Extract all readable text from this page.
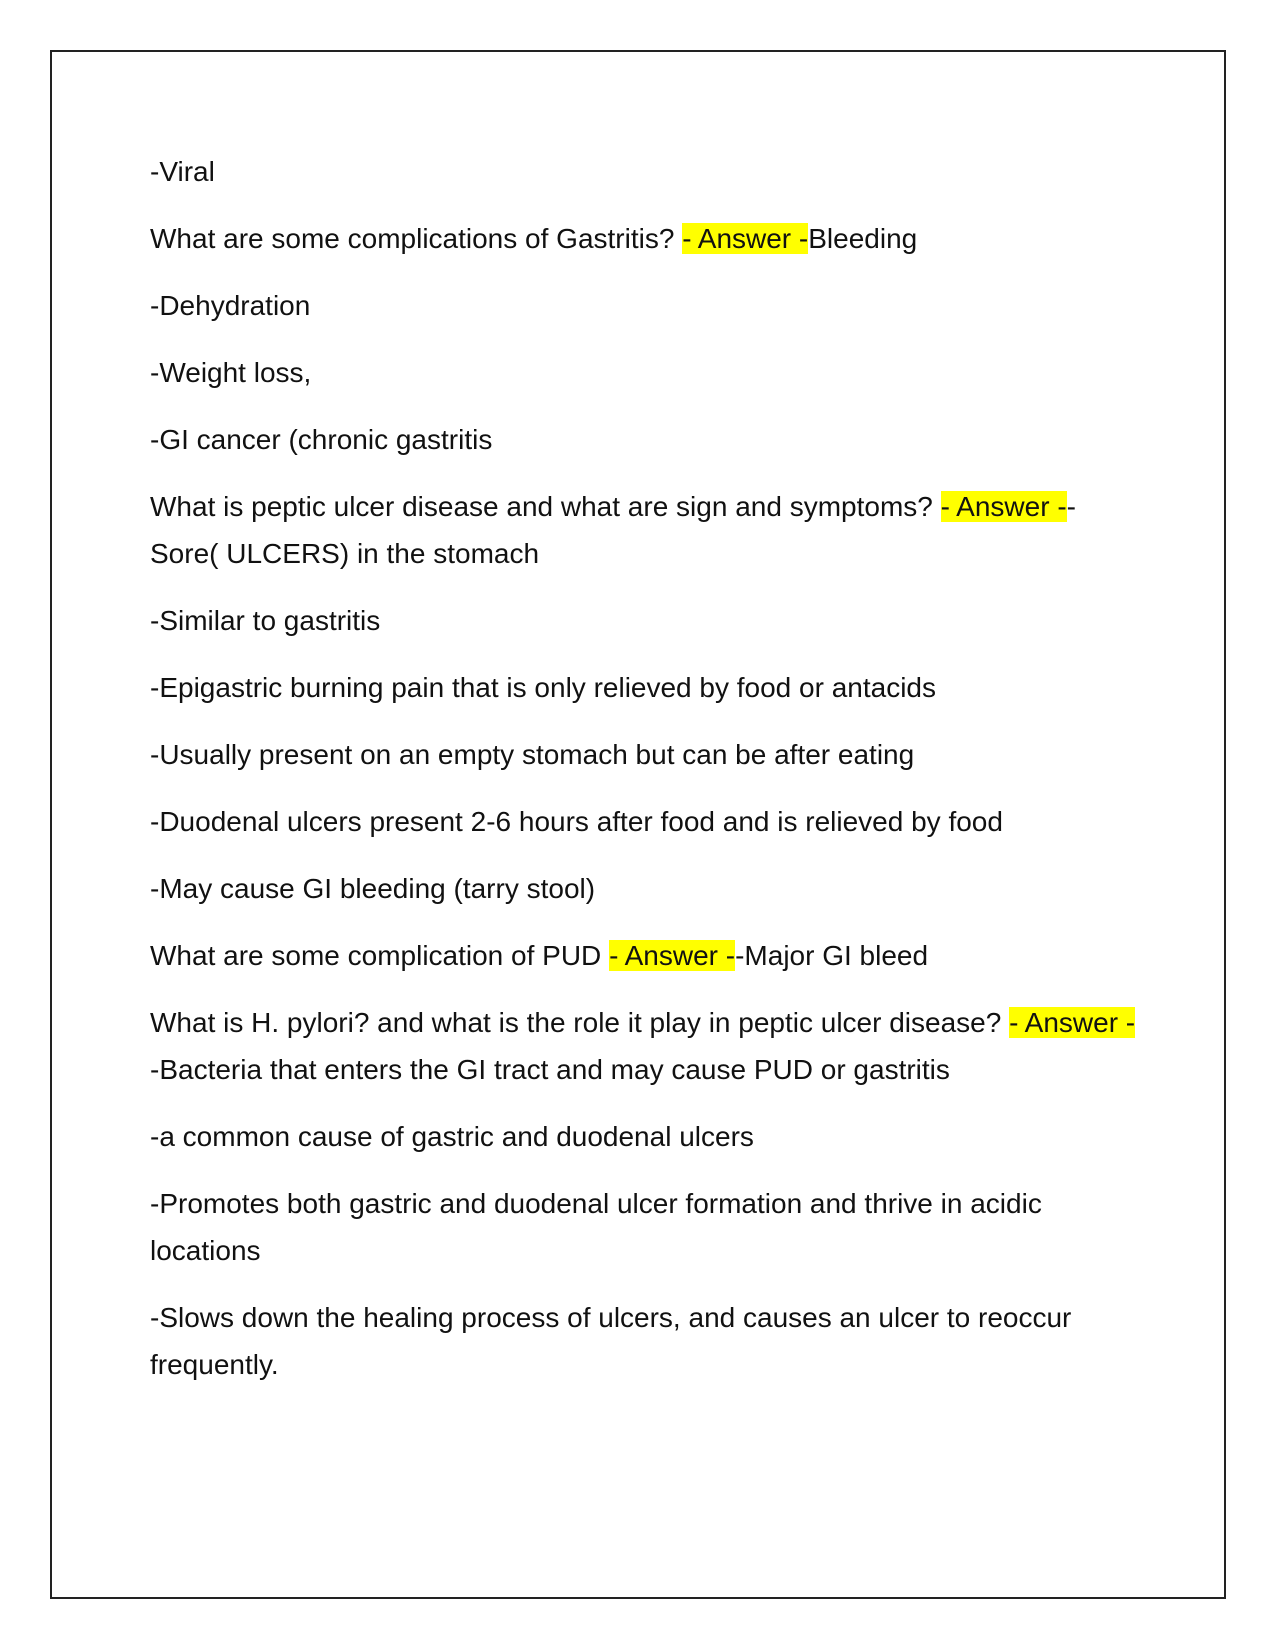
-Viral

What are some complications of Gastritis? - Answer -Bleeding

-Dehydration

-Weight loss,

-GI cancer (chronic gastritis

What is peptic ulcer disease and what are sign and symptoms? - Answer --Sore( ULCERS) in the stomach

-Similar to gastritis

-Epigastric burning pain that is only relieved by food or antacids

-Usually present on an empty stomach but can be after eating

-Duodenal ulcers present 2-6 hours after food and is relieved by food

-May cause GI bleeding (tarry stool)

What are some complication of PUD - Answer --Major GI bleed

What is H. pylori? and what is the role it play in peptic ulcer disease? - Answer --Bacteria that enters the GI tract and may cause PUD or gastritis

-a common cause of gastric and duodenal ulcers

-Promotes both gastric and duodenal ulcer formation and thrive in acidic locations

-Slows down the healing process of ulcers, and causes an ulcer to reoccur frequently.
